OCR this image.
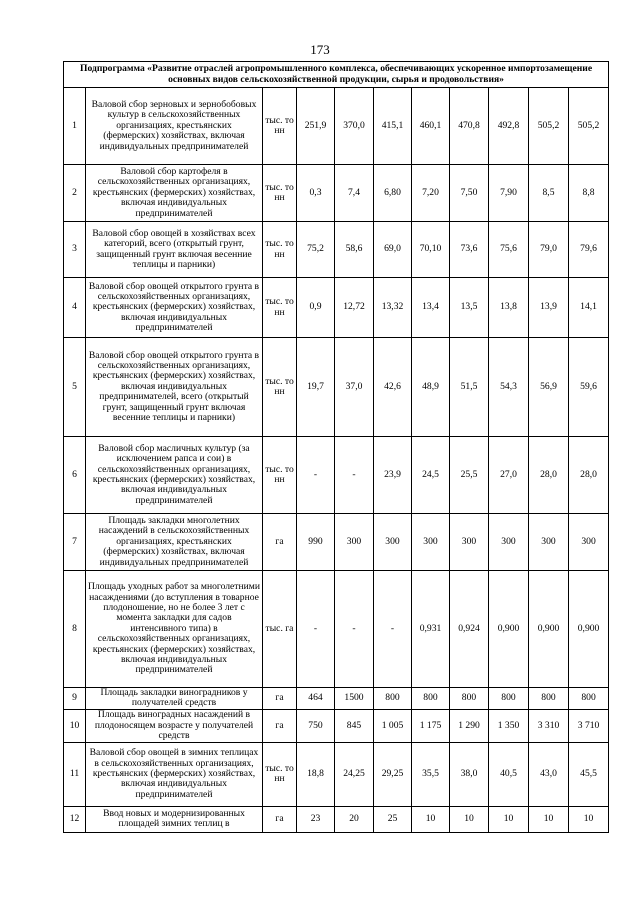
173
Подпрограмма «Развитие отраслей агропромышленного комплекса, обеспечивающих ускоренное импортозамещение основных видов сельскохозяйственной продукции, сырья и продовольствия»										
1	Валовой сбор зерновых и зернобобовых культур в сельскохозяйственных организациях, крестьянских (фермерских) хозяйствах, включая индивидуальных предпринимателей	тыс. тонн	251,9	370,0	415,1	460,1	470,8	492,8	505,2	505,2
2	Валовой сбор картофеля в сельскохозяйственных организациях, крестьянских (фермерских) хозяйствах, включая индивидуальных предпринимателей	тыс. тонн	0,3	7,4	6,80	7,20	7,50	7,90	8,5	8,8
3	Валовой сбор овощей в хозяйствах всех категорий, всего (открытый грунт, защищенный грунт включая весенние теплицы и парники)	тыс. тонн	75,2	58,6	69,0	70,10	73,6	75,6	79,0	79,6
4	Валовой сбор овощей открытого грунта в сельскохозяйственных организациях, крестьянских (фермерских) хозяйствах, включая индивидуальных предпринимателей	тыс. тонн	0,9	12,72	13,32	13,4	13,5	13,8	13,9	14,1
5	Валовой сбор овощей открытого грунта в сельскохозяйственных организациях, крестьянских (фермерских) хозяйствах, включая индивидуальных предпринимателей, всего (открытый грунт, защищенный грунт включая весенние теплицы и парники)	тыс. тонн	19,7	37,0	42,6	48,9	51,5	54,3	56,9	59,6
6	Валовой сбор масличных культур (за исключением рапса и сои) в сельскохозяйственных организациях, крестьянских (фермерских) хозяйствах, включая индивидуальных предпринимателей	тыс. тонн	-	-	23,9	24,5	25,5	27,0	28,0	28,0
7	Площадь закладки многолетних насаждений в сельскохозяйственных организациях, крестьянских (фермерских) хозяйствах, включая индивидуальных предпринимателей	га	990	300	300	300	300	300	300	300
8	Площадь уходных работ за многолетними насаждениями (до вступления в товарное плодоношение, но не более 3 лет с момента закладки для садов интенсивного типа) в сельскохозяйственных организациях, крестьянских (фермерских) хозяйствах, включая индивидуальных предпринимателей	тыс. га	-	-	-	0,931	0,924	0,900	0,900	0,900
9	Площадь закладки виноградников у получателей средств	га	464	1500	800	800	800	800	800	800
10	Площадь виноградных насаждений в плодоносящем возрасте у получателей средств	га	750	845	1 005	1 175	1 290	1 350	3 310	3 710
11	Валовой сбор овощей в зимних теплицах в сельскохозяйственных организациях, крестьянских (фермерских) хозяйствах, включая индивидуальных предпринимателей	тыс. тонн	18,8	24,25	29,25	35,5	38,0	40,5	43,0	45,5
12	Ввод новых и модернизированных площадей зимних теплиц в	га	23	20	25	10	10	10	10	10
